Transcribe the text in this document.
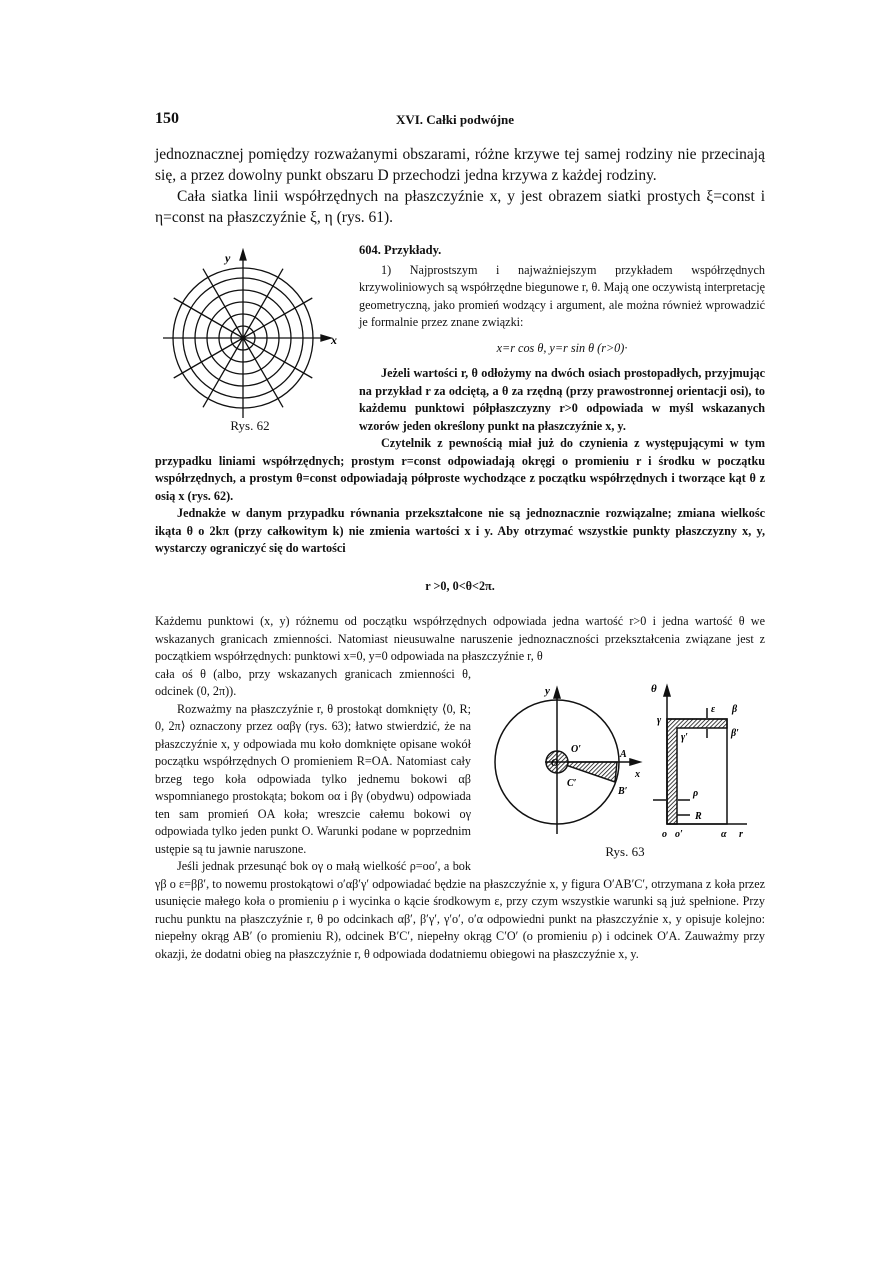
150	XVI. Całki podwójne

jednoznacznej pomiędzy rozważanymi obszarami, różne krzywe tej samej rodziny nie przecinają się, a przez dowolny punkt obszaru D przechodzi jedna krzywa z każdej rodziny.

Cała siatka linii współrzędnych na płaszczyźnie x, y jest obrazem siatki prostych ξ=const i η=const na płaszczyźnie ξ, η (rys. 61).

y
x
Rys. 62

604. Przykłady.

1) Najprostszym i najważniejszym przykładem współrzędnych krzywoliniowych są współrzędne biegunowe r, θ. Mają one oczywistą interpretację geometryczną, jako promień wodzący i argument, ale można również wprowadzić je formalnie przez znane związki:

x=r cos θ, y=r sin θ (r>0)·

Jeżeli wartości r, θ odłożymy na dwóch osiach prostopadłych, przyjmując na przykład r za odciętą, a θ za rzędną (przy prawostronnej orientacji osi), to każdemu punktowi półpłaszczyzny r>0 odpowiada w myśl wskazanych wzorów jeden określony punkt na płaszczyźnie x, y.

Czytelnik z pewnością miał już do czynienia z występującymi w tym przypadku liniami współrzędnych; prostym r=const odpowiadają okręgi o promieniu r i środku w początku współrzędnych, a prostym θ=const odpowiadają półproste wychodzące z początku współrzędnych i tworzące kąt θ z osią x (rys. 62).

Jednakże w danym przypadku równania przekształcone nie są jednoznacznie rozwiązalne; zmiana wielkośc ikąta θ o 2kπ (przy całkowitym k) nie zmienia wartości x i y. Aby otrzymać wszystkie punkty płaszczyzny x, y, wystarczy ograniczyć się do wartości

r >0, 0<θ<2π.

Każdemu punktowi (x, y) różnemu od początku współrzędnych odpowiada jedna wartość r>0 i jedna wartość θ we wskazanych granicach zmienności. Natomiast nieusuwalne naruszenie jednoznaczności przekształcenia związane jest z początkiem współrzędnych: punktowi x=0, y=0 odpowiada na płaszczyźnie r, θ

y
O
O′	A
x
C′
B′
θ
ε β
β′
γ
γ′
ρ
R
o o′	α r
Rys. 63

cała oś θ (albo, przy wskazanych granicach zmienności θ, odcinek (0, 2π)).

Rozważmy na płaszczyźnie r, θ prostokąt domknięty ⟨0, R; 0, 2π⟩ oznaczony przez oαβγ (rys. 63); łatwo stwierdzić, że na płaszczyźnie x, y odpowiada mu koło domknięte opisane wokół początku współrzędnych O promieniem R=OA. Natomiast cały brzeg tego koła odpowiada tylko jednemu bokowi αβ wspomnianego prostokąta; bokom oα i βγ (obydwu) odpowiada ten sam promień OA koła; wreszcie całemu bokowi oγ odpowiada tylko jeden punkt O. Warunki podane w poprzednim ustępie są tu jawnie naruszone.

Jeśli jednak przesunąć bok oγ o małą wielkość ρ=oo′, a bok γβ o ε=ββ′, to nowemu prostokątowi o′αβ′γ′ odpowiadać będzie na płaszczyźnie x, y figura O′AB′C′, otrzymana z koła przez usunięcie małego koła o promieniu ρ i wycinka o kącie środkowym ε, przy czym wszystkie warunki są już spełnione. Przy ruchu punktu na płaszczyźnie r, θ po odcinkach αβ′, β′γ′, γ′o′, o′α odpowiedni punkt na płaszczyźnie x, y opisuje kolejno: niepełny okrąg AB′ (o promieniu R), odcinek B′C′, niepełny okrąg C′O′ (o promieniu ρ) i odcinek O′A. Zauważmy przy okazji, że dodatni obieg na płaszczyźnie r, θ odpowiada dodatniemu obiegowi na płaszczyźnie x, y.
